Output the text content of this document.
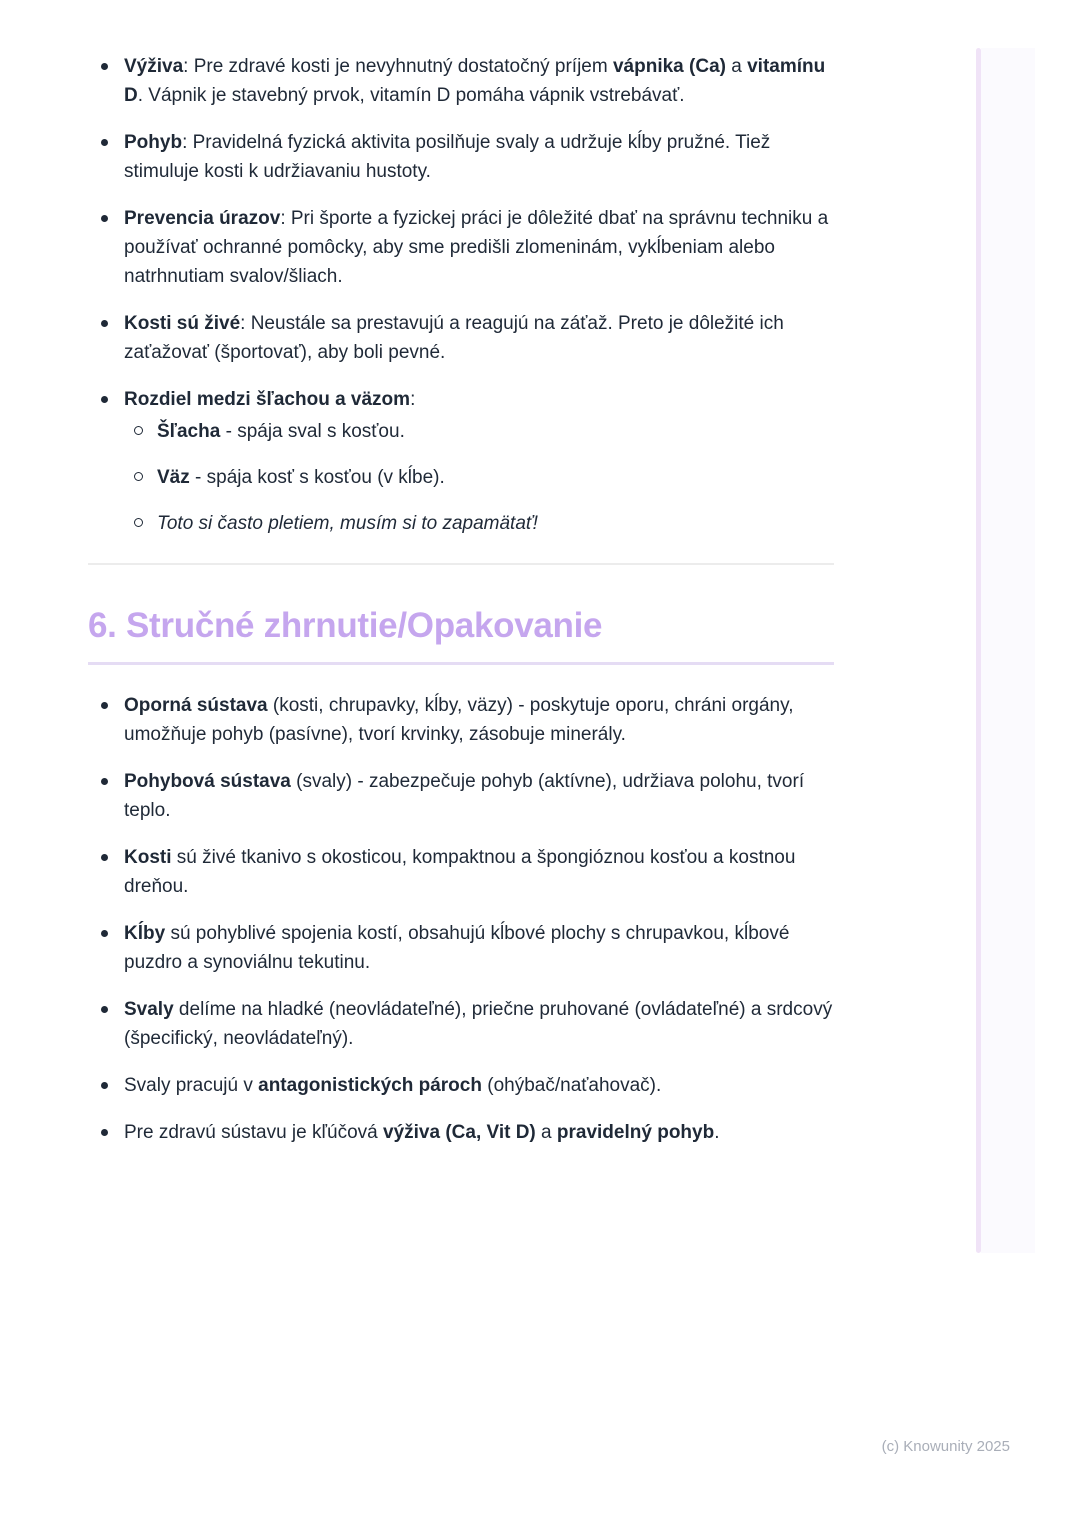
Výživa: Pre zdravé kosti je nevyhnutný dostatočný príjem vápnika (Ca) a vitamínu D. Vápnik je stavebný prvok, vitamín D pomáha vápnik vstrebávať.
Pohyb: Pravidelná fyzická aktivita posilňuje svaly a udržuje kĺby pružné. Tiež stimuluje kosti k udržiavaniu hustoty.
Prevencia úrazov: Pri športe a fyzickej práci je dôležité dbať na správnu techniku a používať ochranné pomôcky, aby sme predišli zlomeninám, vykĺbeniam alebo natrhnutiam svalov/šliach.
Kosti sú živé: Neustále sa prestavujú a reagujú na záťaž. Preto je dôležité ich zaťažovať (športovať), aby boli pevné.
Rozdiel medzi šľachou a väzom:
Šľacha - spája sval s kosťou.
Väz - spája kosť s kosťou (v kĺbe).
Toto si často pletiem, musím si to zapamätať!
6. Stručné zhrnutie/Opakovanie
Oporná sústava (kosti, chrupavky, kĺby, väzy) - poskytuje oporu, chráni orgány, umožňuje pohyb (pasívne), tvorí krvinky, zásobuje minerály.
Pohybová sústava (svaly) - zabezpečuje pohyb (aktívne), udržiava polohu, tvorí teplo.
Kosti sú živé tkanivo s okosticou, kompaktnou a špongióznou kosťou a kostnou dreňou.
Kĺby sú pohyblivé spojenia kostí, obsahujú kĺbové plochy s chrupavkou, kĺbové puzdro a synoviálnu tekutinu.
Svaly delíme na hladké (neovládateľné), priečne pruhované (ovládateľné) a srdcový (špecifický, neovládateľný).
Svaly pracujú v antagonistických pároch (ohýbač/naťahovač).
Pre zdravú sústavu je kľúčová výživa (Ca, Vit D) a pravidelný pohyb.
(c) Knowunity 2025
